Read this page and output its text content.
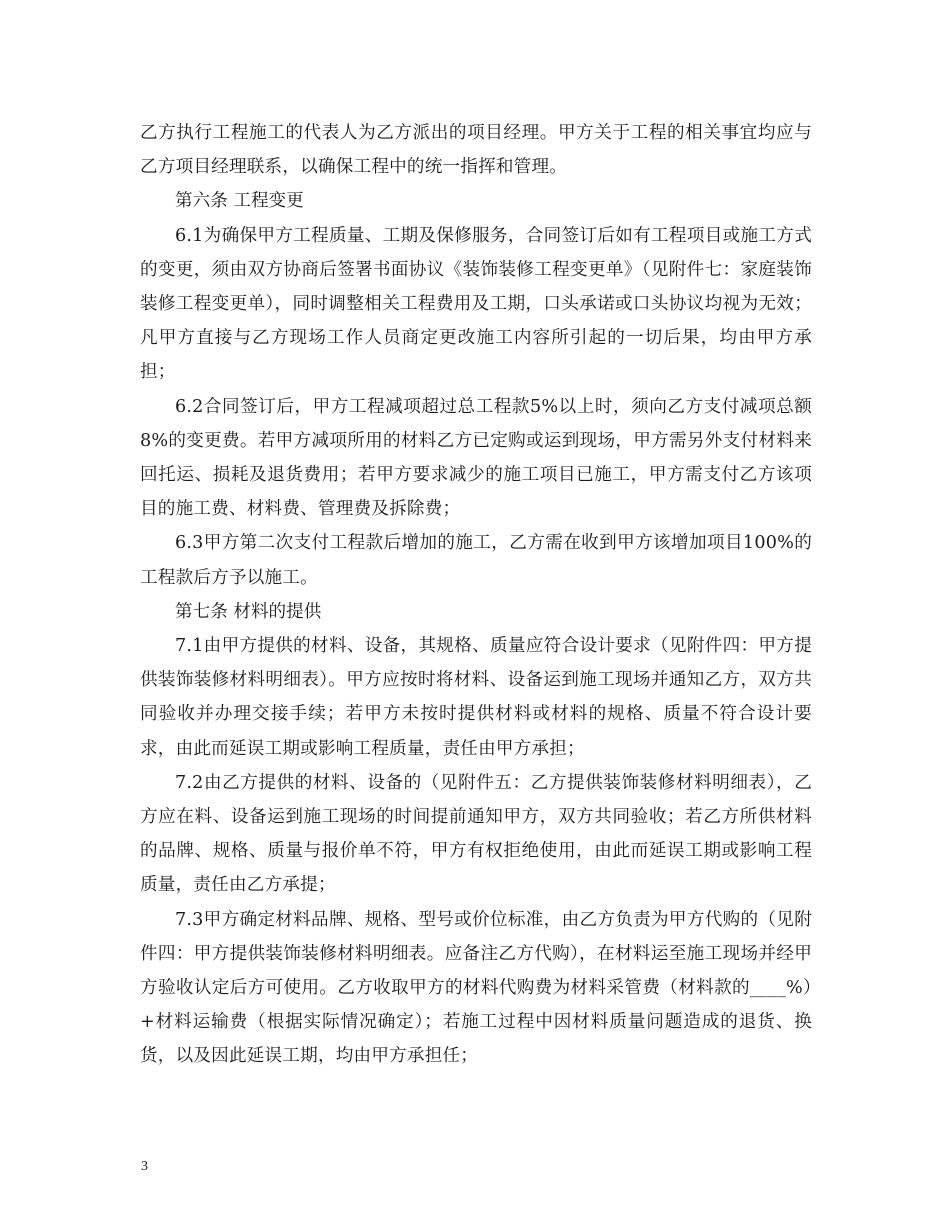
乙方执行工程施工的代表人为乙方派出的项目经理。甲方关于工程的相关事宜均应与乙方项目经理联系，以确保工程中的统一指挥和管理。

第六条 工程变更

6.1为确保甲方工程质量、工期及保修服务，合同签订后如有工程项目或施工方式的变更，须由双方协商后签署书面协议《装饰装修工程变更单》（见附件七：家庭装饰装修工程变更单），同时调整相关工程费用及工期，口头承诺或口头协议均视为无效；凡甲方直接与乙方现场工作人员商定更改施工内容所引起的一切后果，均由甲方承担；

6.2合同签订后，甲方工程减项超过总工程款5%以上时，须向乙方支付减项总额8%的变更费。若甲方减项所用的材料乙方已定购或运到现场，甲方需另外支付材料来回托运、损耗及退货费用；若甲方要求减少的施工项目已施工，甲方需支付乙方该项目的施工费、材料费、管理费及拆除费；

6.3甲方第二次支付工程款后增加的施工，乙方需在收到甲方该增加项目100%的工程款后方予以施工。

第七条 材料的提供

7.1由甲方提供的材料、设备，其规格、质量应符合设计要求（见附件四：甲方提供装饰装修材料明细表）。甲方应按时将材料、设备运到施工现场并通知乙方，双方共同验收并办理交接手续；若甲方未按时提供材料或材料的规格、质量不符合设计要求，由此而延误工期或影响工程质量，责任由甲方承担；

7.2由乙方提供的材料、设备的（见附件五：乙方提供装饰装修材料明细表），乙方应在料、设备运到施工现场的时间提前通知甲方，双方共同验收；若乙方所供材料的品牌、规格、质量与报价单不符，甲方有权拒绝使用，由此而延误工期或影响工程质量，责任由乙方承提；

7.3甲方确定材料品牌、规格、型号或价位标准，由乙方负责为甲方代购的（见附件四：甲方提供装饰装修材料明细表。应备注乙方代购），在材料运至施工现场并经甲方验收认定后方可使用。乙方收取甲方的材料代购费为材料采管费（材料款的____%）+材料运输费（根据实际情况确定）；若施工过程中因材料质量问题造成的退货、换货，以及因此延误工期，均由甲方承担任；

3
